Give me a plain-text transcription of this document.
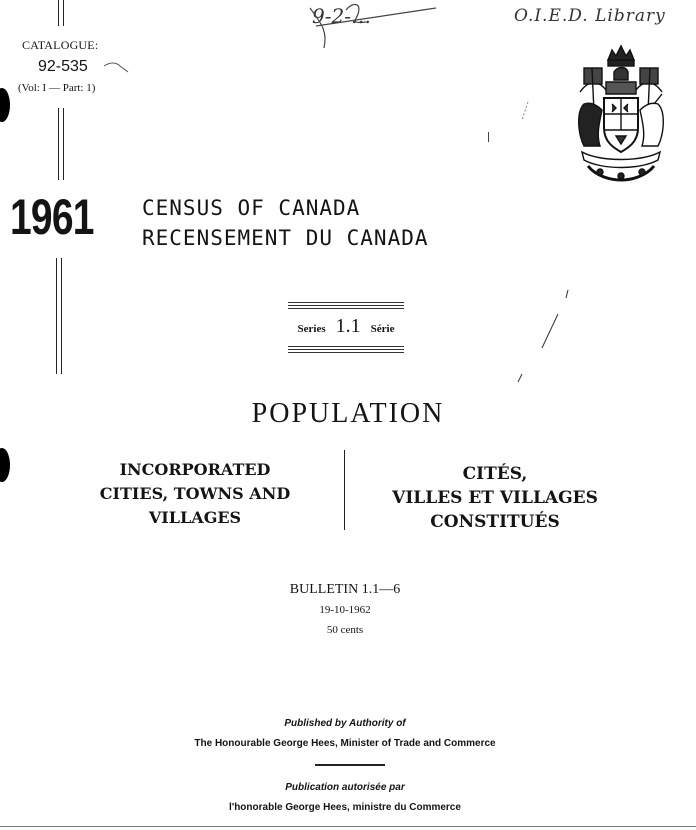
9-2-…	O.I.E.D. Library
CATALOGUE:
92-535
(Vol: I — Part: 1)
1961 CENSUS OF CANADA
RECENSEMENT DU CANADA
Series 1.1 Série
POPULATION
INCORPORATED
CITIES, TOWNS AND
VILLAGES
CITÉS,
VILLES ET VILLAGES
CONSTITUÉS
BULLETIN 1.1—6
19-10-1962
50 cents
Published by Authority of
The Honourable George Hees, Minister of Trade and Commerce
Publication autorisée par
l'honorable George Hees, ministre du Commerce
